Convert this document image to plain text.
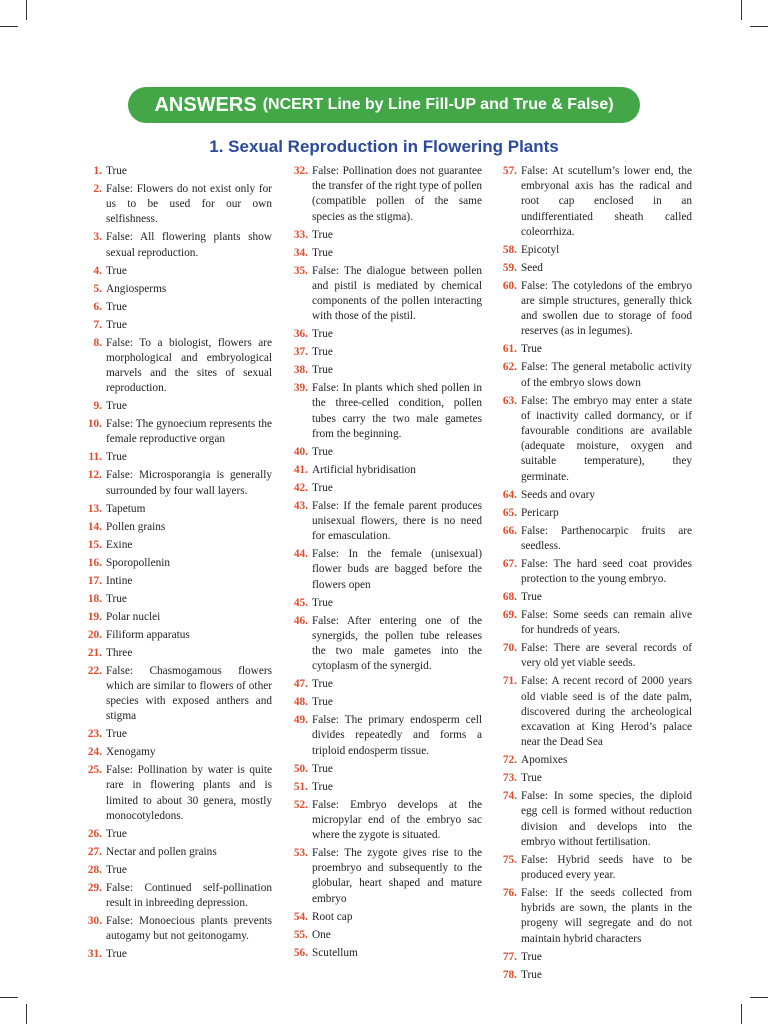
ANSWERS (NCERT Line by Line Fill-UP and True & False)
1. Sexual Reproduction in Flowering Plants
1. True
2. False: Flowers do not exist only for us to be used for our own selfishness.
3. False: All flowering plants show sexual reproduction.
4. True
5. Angiosperms
6. True
7. True
8. False: To a biologist, flowers are morphological and embryological marvels and the sites of sexual reproduction.
9. True
10. False: The gynoecium represents the female reproductive organ
11. True
12. False: Microsporangia is generally surrounded by four wall layers.
13. Tapetum
14. Pollen grains
15. Exine
16. Sporopollenin
17. Intine
18. True
19. Polar nuclei
20. Filiform apparatus
21. Three
22. False: Chasmogamous flowers which are similar to flowers of other species with exposed anthers and stigma
23. True
24. Xenogamy
25. False: Pollination by water is quite rare in flowering plants and is limited to about 30 genera, mostly monocotyledons.
26. True
27. Nectar and pollen grains
28. True
29. False: Continued self-pollination result in inbreeding depression.
30. False: Monoecious plants prevents autogamy but not geitonogamy.
31. True
32. False: Pollination does not guarantee the transfer of the right type of pollen (compatible pollen of the same species as the stigma).
33. True
34. True
35. False: The dialogue between pollen and pistil is mediated by chemical components of the pollen interacting with those of the pistil.
36. True
37. True
38. True
39. False: In plants which shed pollen in the three-celled condition, pollen tubes carry the two male gametes from the beginning.
40. True
41. Artificial hybridisation
42. True
43. False: If the female parent produces unisexual flowers, there is no need for emasculation.
44. False: In the female (unisexual) flower buds are bagged before the flowers open
45. True
46. False: After entering one of the synergids, the pollen tube releases the two male gametes into the cytoplasm of the synergid.
47. True
48. True
49. False: The primary endosperm cell divides repeatedly and forms a triploid endosperm tissue.
50. True
51. True
52. False: Embryo develops at the micropylar end of the embryo sac where the zygote is situated.
53. False: The zygote gives rise to the proembryo and subsequently to the globular, heart shaped and mature embryo
54. Root cap
55. One
56. Scutellum
57. False: At scutellum’s lower end, the embryonal axis has the radical and root cap enclosed in an undifferentiated sheath called coleorrhiza.
58. Epicotyl
59. Seed
60. False: The cotyledons of the embryo are simple structures, generally thick and swollen due to storage of food reserves (as in legumes).
61. True
62. False: The general metabolic activity of the embryo slows down
63. False: The embryo may enter a state of inactivity called dormancy, or if favourable conditions are available (adequate moisture, oxygen and suitable temperature), they germinate.
64. Seeds and ovary
65. Pericarp
66. False: Parthenocarpic fruits are seedless.
67. False: The hard seed coat provides protection to the young embryo.
68. True
69. False: Some seeds can remain alive for hundreds of years.
70. False: There are several records of very old yet viable seeds.
71. False: A recent record of 2000 years old viable seed is of the date palm, discovered during the archeological excavation at King Herod’s palace near the Dead Sea
72. Apomixes
73. True
74. False: In some species, the diploid egg cell is formed without reduction division and develops into the embryo without fertilisation.
75. False: Hybrid seeds have to be produced every year.
76. False: If the seeds collected from hybrids are sown, the plants in the progeny will segregate and do not maintain hybrid characters
77. True
78. True
